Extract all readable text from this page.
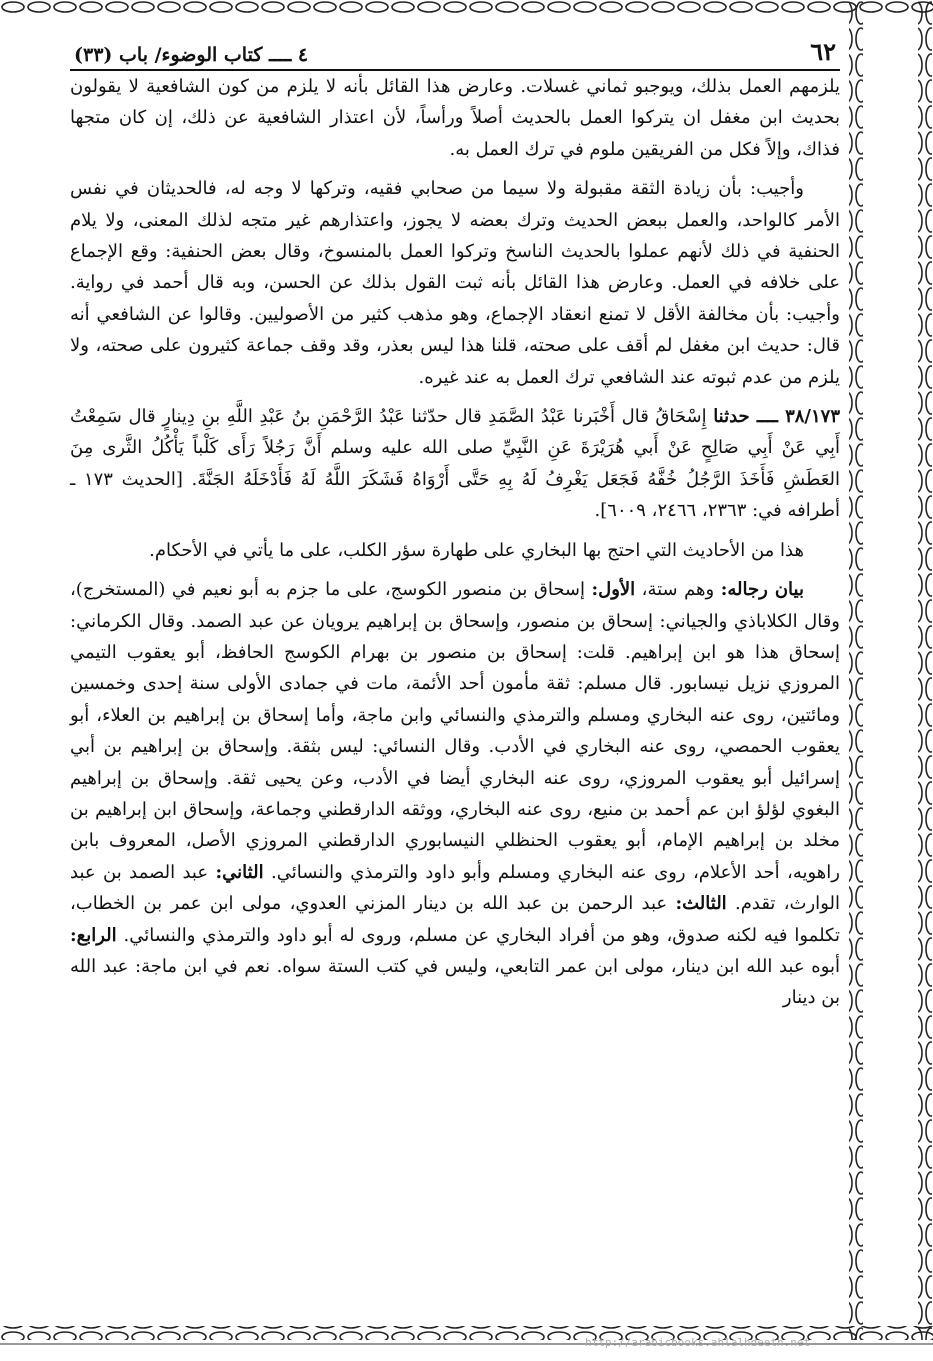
٦٢
٤ ــــ كتاب الوضوء/ باب (٣٣)

يلزمهم العمل بذلك، ويوجبو ثماني غسلات. وعارض هذا القائل بأنه لا يلزم من كون الشافعية لا يقولون بحديث ابن مغفل ان يتركوا العمل بالحديث أصلاً ورأساً، لأن اعتذار الشافعية عن ذلك، إن كان متجها فذاك، وإلاً فكل من الفريقين ملوم في ترك العمل به.

وأجيب: بأن زيادة الثقة مقبولة ولا سيما من صحابي فقيه، وتركها لا وجه له، فالحديثان في نفس الأمر كالواحد، والعمل ببعض الحديث وترك بعضه لا يجوز، واعتذارهم غير متجه لذلك المعنى، ولا يلام الحنفية في ذلك لأنهم عملوا بالحديث الناسخ وتركوا العمل بالمنسوخ، وقال بعض الحنفية: وقع الإجماع على خلافه في العمل. وعارض هذا القائل بأنه ثبت القول بذلك عن الحسن، وبه قال أحمد في رواية. وأجيب: بأن مخالفة الأقل لا تمنع انعقاد الإجماع، وهو مذهب كثير من الأصوليين. وقالوا عن الشافعي أنه قال: حديث ابن مغفل لم أقف على صحته، قلنا هذا ليس بعذر، وقد وقف جماعة كثيرون على صحته، ولا يلزم من عدم ثبوته عند الشافعي ترك العمل به عند غيره.

٣٨/١٧٣ ــــ حدثنا إِسْحَاقُ قال أَخْبَرنا عَبْدُ الصَّمَدِ قال حدّثنا عَبْدُ الرَّحْمَنِ بنُ عَبْدِ اللَّهِ بنِ دِينارٍ قال سَمِعْتُ أَبِي عَنْ أَبِي صَالِحٍ عَنْ أَبي هُرَيْرَةَ عَنِ النَّبِيِّ صلى الله عليه وسلم أَنَّ رَجُلاً رَأَى كَلْباً يَأْكُلُ الثَّرى مِنَ العَطَشِ فَأَخَذَ الرَّجُلُ خُفَّهُ فَجَعَل يَغْرِفُ لَهُ بِهِ حَتَّى أَرْوَاهُ فَشَكَرَ اللَّهُ لَهُ فَأَدْخَلَهُ الجَنَّةَ. [الحديث ١٧٣ ـ أطرافه في: ٢٣٦٣، ٢٤٦٦، ٦٠٠٩].

هذا من الأحاديث التي احتج بها البخاري على طهارة سؤر الكلب، على ما يأتي في الأحكام.

بيان رجاله: وهم ستة، الأول: إسحاق بن منصور الكوسج، على ما جزم به أبو نعيم في (المستخرج)، وقال الكلاباذي والجياني: إسحاق بن منصور، وإسحاق بن إبراهيم يرويان عن عبد الصمد. وقال الكرماني: إسحاق هذا هو ابن إبراهيم. قلت: إسحاق بن منصور بن بهرام الكوسج الحافظ، أبو يعقوب التيمي المروزي نزيل نيسابور. قال مسلم: ثقة مأمون أحد الأئمة، مات في جمادى الأولى سنة إحدى وخمسين ومائتين، روى عنه البخاري ومسلم والترمذي والنسائي وابن ماجة، وأما إسحاق بن إبراهيم بن العلاء، أبو يعقوب الحمصي، روى عنه البخاري في الأدب. وقال النسائي: ليس بثقة. وإسحاق بن إبراهيم بن أبي إسرائيل أبو يعقوب المروزي، روى عنه البخاري أيضا في الأدب، وعن يحيى ثقة. وإسحاق بن إبراهيم البغوي لؤلؤ ابن عم أحمد بن منيع، روى عنه البخاري، ووثقه الدارقطني وجماعة، وإسحاق ابن إبراهيم بن مخلد بن إبراهيم الإمام، أبو يعقوب الحنظلي النيسابوري الدارقطني المروزي الأصل، المعروف بابن راهويه، أحد الأعلام، روى عنه البخاري ومسلم وأبو داود والترمذي والنسائي. الثاني: عبد الصمد بن عبد الوارث، تقدم. الثالث: عبد الرحمن بن عبد الله بن دينار المزني العدوي، مولى ابن عمر بن الخطاب، تكلموا فيه لكنه صدوق، وهو من أفراد البخاري عن مسلم، وروى له أبو داود والترمذي والنسائي. الرابع: أبوه عبد الله ابن دينار، مولى ابن عمر التابعي، وليس في كتب الستة سواه. نعم في ابن ماجة: عبد الله بن دينار

http://arabicbooks.ahlalhdeeth.net
